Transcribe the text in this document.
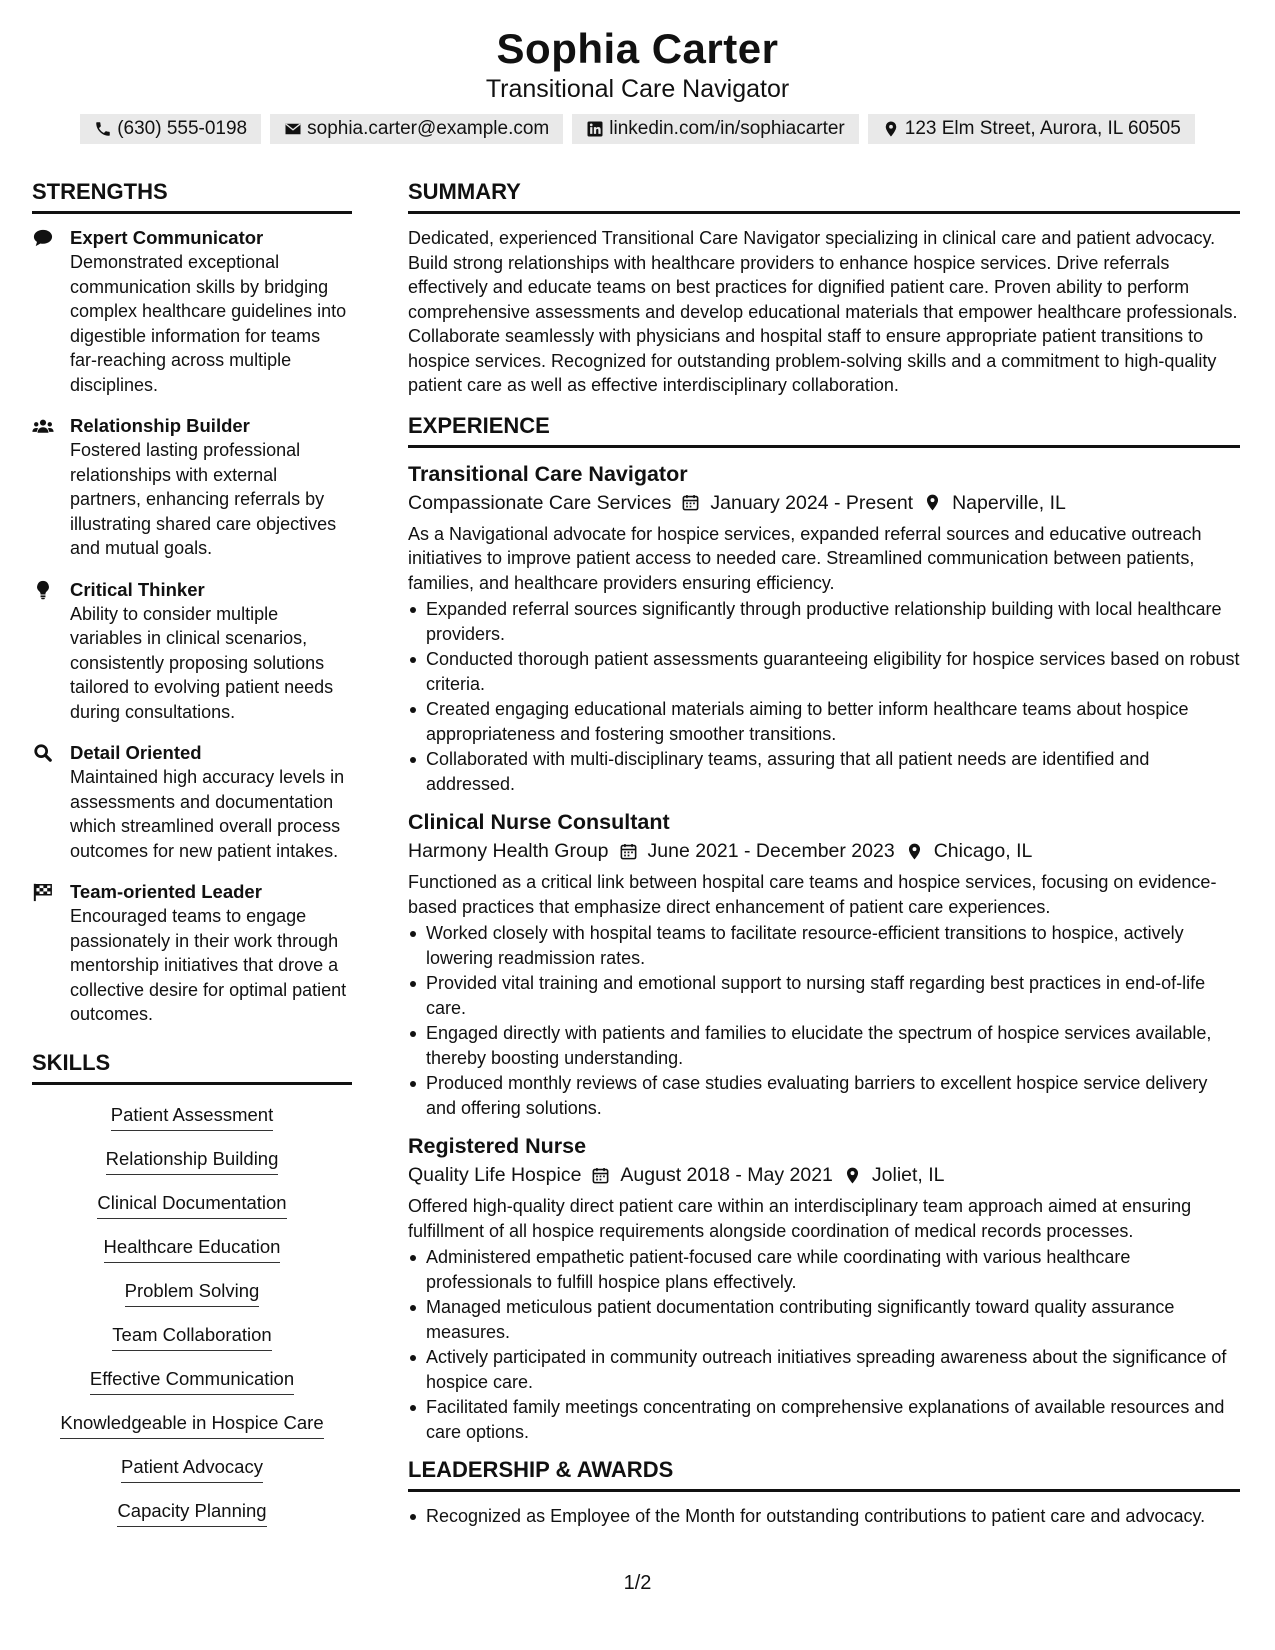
Sophia Carter
Transitional Care Navigator
(630) 555-0198	sophia.carter@example.com	linkedin.com/in/sophiacarter	123 Elm Street, Aurora, IL 60505
STRENGTHS
Expert Communicator
Demonstrated exceptional communication skills by bridging complex healthcare guidelines into digestible information for teams far-reaching across multiple disciplines.
Relationship Builder
Fostered lasting professional relationships with external partners, enhancing referrals by illustrating shared care objectives and mutual goals.
Critical Thinker
Ability to consider multiple variables in clinical scenarios, consistently proposing solutions tailored to evolving patient needs during consultations.
Detail Oriented
Maintained high accuracy levels in assessments and documentation which streamlined overall process outcomes for new patient intakes.
Team-oriented Leader
Encouraged teams to engage passionately in their work through mentorship initiatives that drove a collective desire for optimal patient outcomes.
SKILLS
Patient Assessment
Relationship Building
Clinical Documentation
Healthcare Education
Problem Solving
Team Collaboration
Effective Communication
Knowledgeable in Hospice Care
Patient Advocacy
Capacity Planning
SUMMARY
Dedicated, experienced Transitional Care Navigator specializing in clinical care and patient advocacy. Build strong relationships with healthcare providers to enhance hospice services. Drive referrals effectively and educate teams on best practices for dignified patient care. Proven ability to perform comprehensive assessments and develop educational materials that empower healthcare professionals. Collaborate seamlessly with physicians and hospital staff to ensure appropriate patient transitions to hospice services. Recognized for outstanding problem-solving skills and a commitment to high-quality patient care as well as effective interdisciplinary collaboration.
EXPERIENCE
Transitional Care Navigator
Compassionate Care Services January 2024 - Present Naperville, IL
As a Navigational advocate for hospice services, expanded referral sources and educative outreach initiatives to improve patient access to needed care. Streamlined communication between patients, families, and healthcare providers ensuring efficiency.
Expanded referral sources significantly through productive relationship building with local healthcare providers.
Conducted thorough patient assessments guaranteeing eligibility for hospice services based on robust criteria.
Created engaging educational materials aiming to better inform healthcare teams about hospice appropriateness and fostering smoother transitions.
Collaborated with multi-disciplinary teams, assuring that all patient needs are identified and addressed.
Clinical Nurse Consultant
Harmony Health Group June 2021 - December 2023 Chicago, IL
Functioned as a critical link between hospital care teams and hospice services, focusing on evidence-based practices that emphasize direct enhancement of patient care experiences.
Worked closely with hospital teams to facilitate resource-efficient transitions to hospice, actively lowering readmission rates.
Provided vital training and emotional support to nursing staff regarding best practices in end-of-life care.
Engaged directly with patients and families to elucidate the spectrum of hospice services available, thereby boosting understanding.
Produced monthly reviews of case studies evaluating barriers to excellent hospice service delivery and offering solutions.
Registered Nurse
Quality Life Hospice August 2018 - May 2021 Joliet, IL
Offered high-quality direct patient care within an interdisciplinary team approach aimed at ensuring fulfillment of all hospice requirements alongside coordination of medical records processes.
Administered empathetic patient-focused care while coordinating with various healthcare professionals to fulfill hospice plans effectively.
Managed meticulous patient documentation contributing significantly toward quality assurance measures.
Actively participated in community outreach initiatives spreading awareness about the significance of hospice care.
Facilitated family meetings concentrating on comprehensive explanations of available resources and care options.
LEADERSHIP & AWARDS
Recognized as Employee of the Month for outstanding contributions to patient care and advocacy.
1/2
